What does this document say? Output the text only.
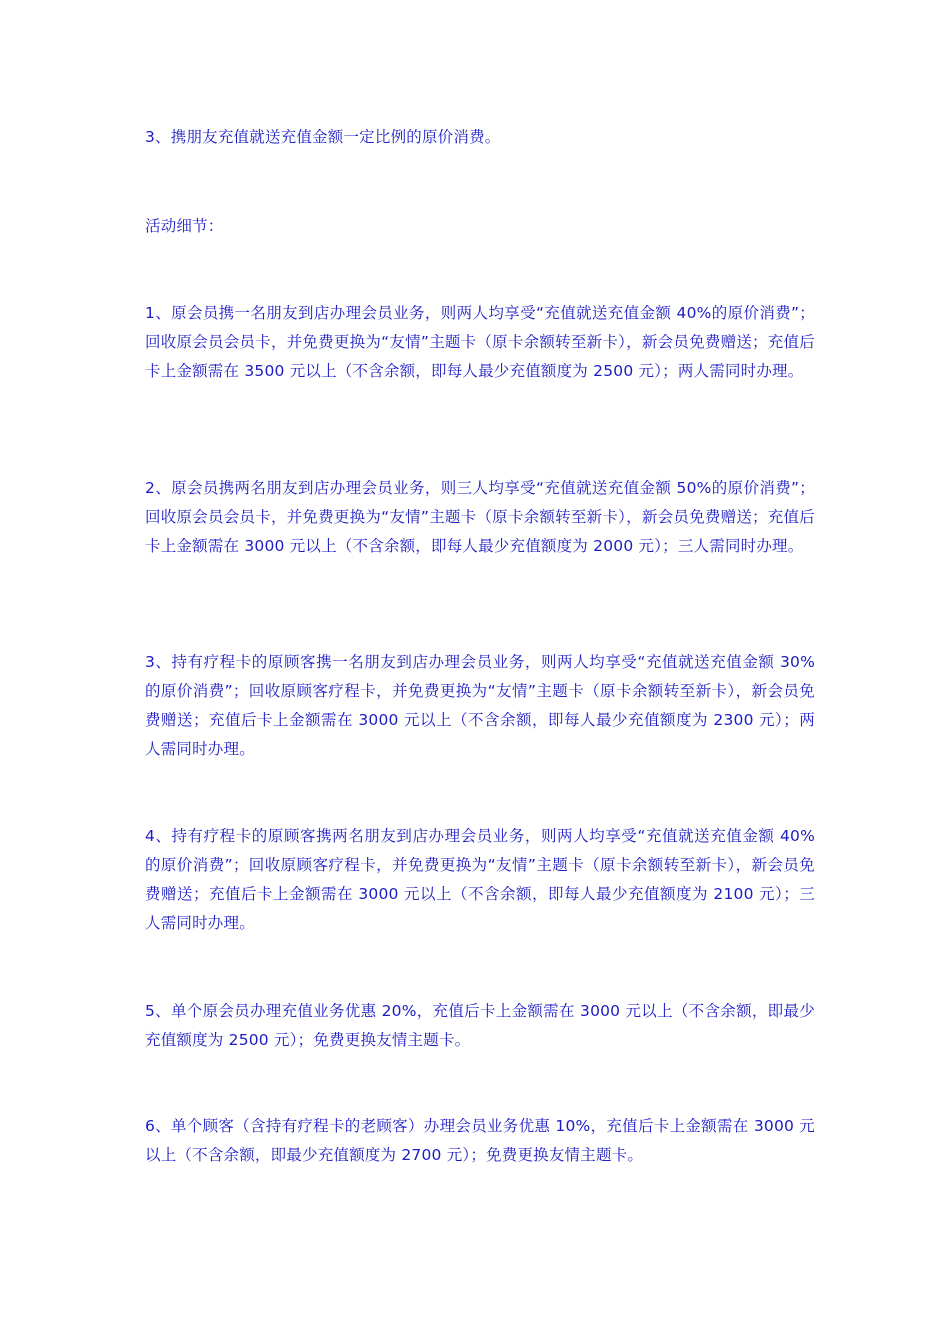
3、携朋友充值就送充值金额一定比例的原价消费。

活动细节：

1、原会员携一名朋友到店办理会员业务，则两人均享受“充值就送充值金额 40%的原价消费”；回收原会员会员卡，并免费更换为“友情”主题卡（原卡余额转至新卡），新会员免费赠送；充值后卡上金额需在 3500 元以上（不含余额，即每人最少充值额度为 2500 元）；两人需同时办理。

2、原会员携两名朋友到店办理会员业务，则三人均享受“充值就送充值金额 50%的原价消费”；回收原会员会员卡，并免费更换为“友情”主题卡（原卡余额转至新卡），新会员免费赠送；充值后卡上金额需在 3000 元以上（不含余额，即每人最少充值额度为 2000 元）；三人需同时办理。

3、持有疗程卡的原顾客携一名朋友到店办理会员业务，则两人均享受“充值就送充值金额 30%的原价消费”；回收原顾客疗程卡，并免费更换为“友情”主题卡（原卡余额转至新卡），新会员免费赠送；充值后卡上金额需在 3000 元以上（不含余额，即每人最少充值额度为 2300 元）；两人需同时办理。

4、持有疗程卡的原顾客携两名朋友到店办理会员业务，则两人均享受“充值就送充值金额 40%的原价消费”；回收原顾客疗程卡，并免费更换为“友情”主题卡（原卡余额转至新卡），新会员免费赠送；充值后卡上金额需在 3000 元以上（不含余额，即每人最少充值额度为 2100 元）；三人需同时办理。

5、单个原会员办理充值业务优惠 20%，充值后卡上金额需在 3000 元以上（不含余额，即最少充值额度为 2500 元）；免费更换友情主题卡。

6、单个顾客（含持有疗程卡的老顾客）办理会员业务优惠 10%，充值后卡上金额需在 3000 元以上（不含余额，即最少充值额度为 2700 元）；免费更换友情主题卡。
